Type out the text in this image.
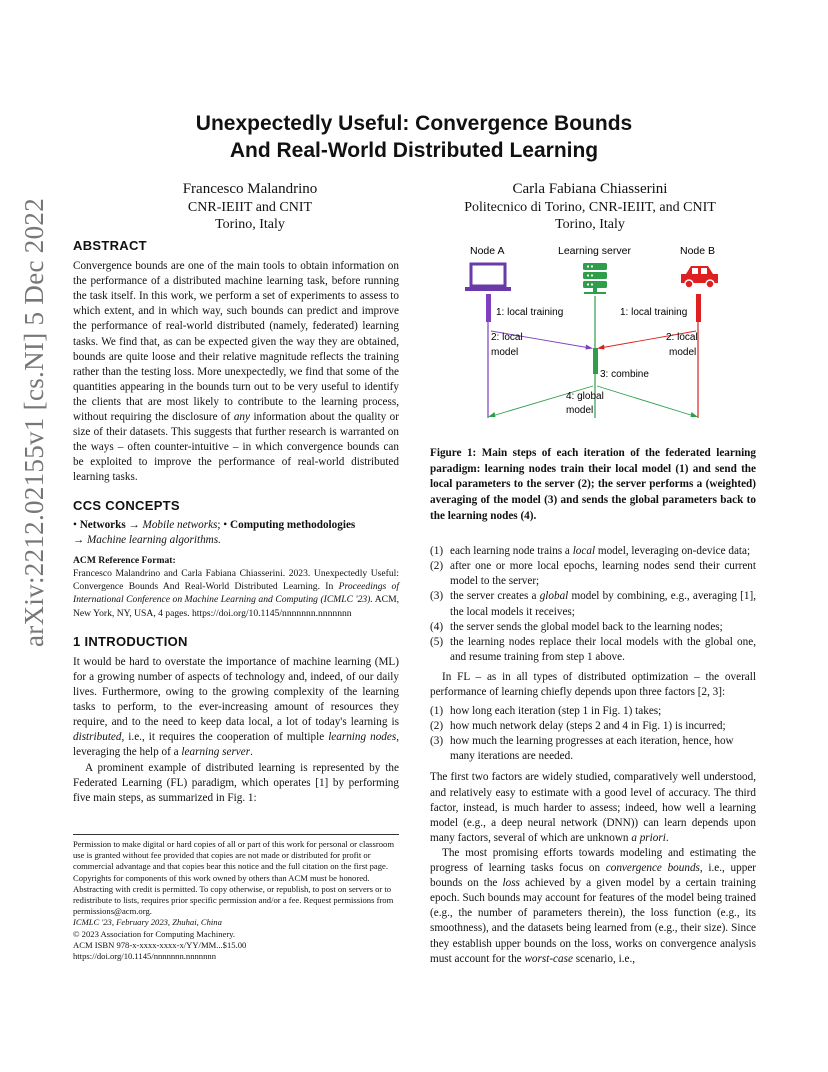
arXiv:2212.02155v1 [cs.NI] 5 Dec 2022
Unexpectedly Useful: Convergence Bounds
And Real-World Distributed Learning
Francesco Malandrino
CNR-IEIIT and CNIT
Torino, Italy
Carla Fabiana Chiasserini
Politecnico di Torino, CNR-IEIIT, and CNIT
Torino, Italy
ABSTRACT

Convergence bounds are one of the main tools to obtain information on the performance of a distributed machine learning task, before running the task itself. In this work, we perform a set of experiments to assess to which extent, and in which way, such bounds can predict and improve the performance of real-world distributed (namely, federated) learning tasks. We find that, as can be expected given the way they are obtained, bounds are quite loose and their relative magnitude reflects the training rather than the testing loss. More unexpectedly, we find that some of the quantities appearing in the bounds turn out to be very useful to identify the clients that are most likely to contribute to the learning process, without requiring the disclosure of any information about the quality or size of their datasets. This suggests that further research is warranted on the ways – often counter-intuitive – in which convergence bounds can be exploited to improve the performance of real-world distributed learning tasks.

CCS CONCEPTS

• Networks → Mobile networks; • Computing methodologies
→ Machine learning algorithms.

ACM Reference Format:
Francesco Malandrino and Carla Fabiana Chiasserini. 2023. Unexpectedly Useful: Convergence Bounds And Real-World Distributed Learning. In Proceedings of International Conference on Machine Learning and Computing (ICMLC '23). ACM, New York, NY, USA, 4 pages. https://doi.org/10.1145/nnnnnnn.nnnnnnn
1 INTRODUCTION

It would be hard to overstate the importance of machine learning (ML) for a growing number of aspects of technology and, indeed, of our daily lives. Furthermore, owing to the growing complexity of the learning tasks to perform, to the ever-increasing amount of resources they require, and to the need to keep data local, a lot of today's learning is distributed, i.e., it requires the cooperation of multiple learning nodes, leveraging the help of a learning server.

A prominent example of distributed learning is represented by the Federated Learning (FL) paradigm, which operates [1] by performing five main steps, as summarized in Fig. 1:

Permission to make digital or hard copies of all or part of this work for personal or classroom use is granted without fee provided that copies are not made or distributed for profit or commercial advantage and that copies bear this notice and the full citation on the first page. Copyrights for components of this work owned by others than ACM must be honored. Abstracting with credit is permitted. To copy otherwise, or republish, to post on servers or to redistribute to lists, requires prior specific permission and/or a fee. Request permissions from permissions@acm.org.
ICMLC '23, February 2023, Zhuhai, China
© 2023 Association for Computing Machinery.
ACM ISBN 978-x-xxxx-xxxx-x/YY/MM...$15.00
https://doi.org/10.1145/nnnnnnn.nnnnnnn
Node A	Learning server	Node B
1: local training	1: local training
2: local
model
2: local
model
3: combine
4: global
model

Figure 1: Main steps of each iteration of the federated learning paradigm: learning nodes train their local model (1) and send the local parameters to the server (2); the server performs a (weighted) averaging of the model (3) and sends the global parameters back to the learning nodes (4).

(1) each learning node trains a local model, leveraging on-device data;
(2) after one or more local epochs, learning nodes send their current model to the server;
(3) the server creates a global model by combining, e.g., averaging [1], the local models it receives;
(4) the server sends the global model back to the learning nodes;
(5) the learning nodes replace their local models with the global one, and resume training from step 1 above.

In FL – as in all types of distributed optimization – the overall performance of learning chiefly depends upon three factors [2, 3]:

(1) how long each iteration (step 1 in Fig. 1) takes;
(2) how much network delay (steps 2 and 4 in Fig. 1) is incurred;
(3) how much the learning progresses at each iteration, hence, how many iterations are needed.

The first two factors are widely studied, comparatively well understood, and relatively easy to estimate with a good level of accuracy. The third factor, instead, is much harder to assess; indeed, how well a learning model (e.g., a deep neural network (DNN)) can learn depends upon many factors, several of which are unknown a priori.

The most promising efforts towards modeling and estimating the progress of learning tasks focus on convergence bounds, i.e., upper bounds on the loss achieved by a given model by a certain training epoch. Such bounds may account for features of the model being trained (e.g., the number of parameters therein), the loss function (e.g., its smoothness), and the datasets being learned from (e.g., their size). Since they establish upper bounds on the loss, works on convergence analysis must account for the worst-case scenario, i.e.,
